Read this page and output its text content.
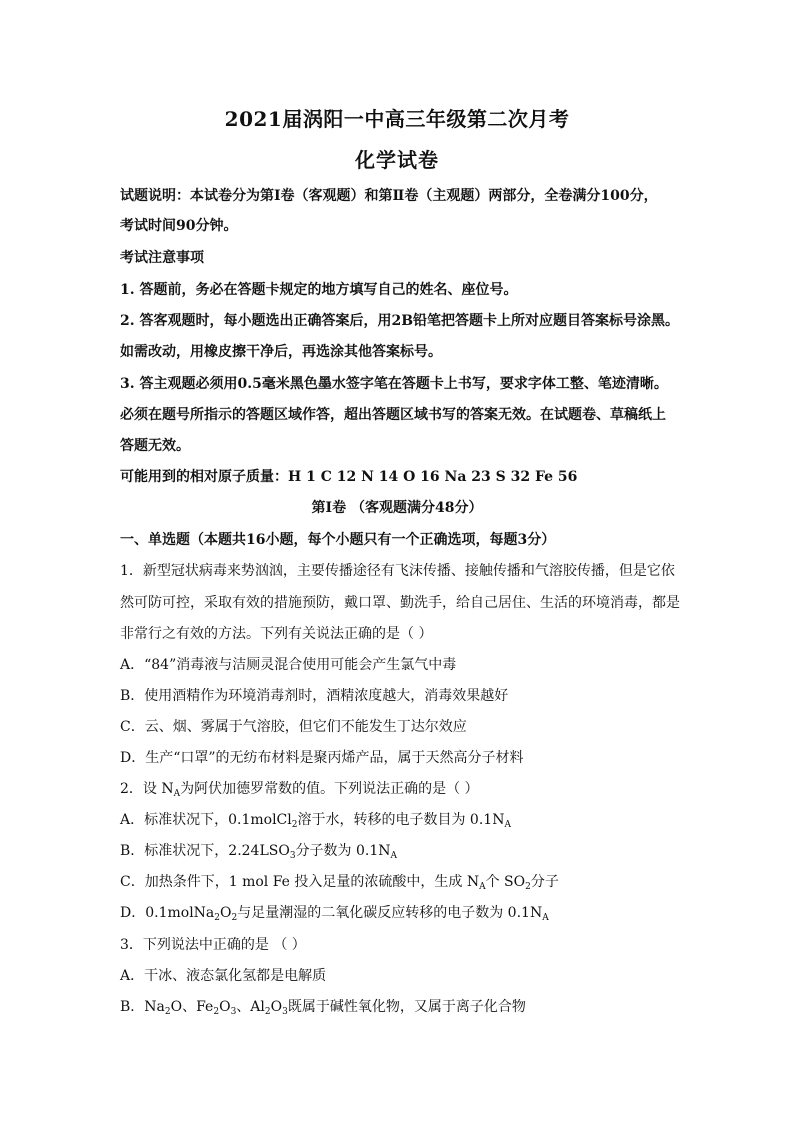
2021届涡阳一中高三年级第二次月考
化学试卷
试题说明：本试卷分为第Ⅰ卷（客观题）和第Ⅱ卷（主观题）两部分，全卷满分100分，
考试时间90分钟。
考试注意事项
1. 答题前，务必在答题卡规定的地方填写自己的姓名、座位号。
2. 答客观题时，每小题选出正确答案后，用2B铅笔把答题卡上所对应题目答案标号涂黑。
如需改动，用橡皮擦干净后，再选涂其他答案标号。
3. 答主观题必须用0.5毫米黑色墨水签字笔在答题卡上书写，要求字体工整、笔迹清晰。
必须在题号所指示的答题区域作答，超出答题区域书写的答案无效。在试题卷、草稿纸上
答题无效。
可能用到的相对原子质量：H 1 C 12 N 14 O 16 Na 23 S 32 Fe 56
第Ⅰ卷 （客观题满分48分）
一、单选题（本题共16小题，每个小题只有一个正确选项，每题3分）
1．新型冠状病毒来势汹汹，主要传播途径有飞沫传播、接触传播和气溶胶传播，但是它依
然可防可控，采取有效的措施预防，戴口罩、勤洗手，给自己居住、生活的环境消毒，都是
非常行之有效的方法。下列有关说法正确的是（ ）
A．“84”消毒液与洁厕灵混合使用可能会产生氯气中毒
B．使用酒精作为环境消毒剂时，酒精浓度越大，消毒效果越好
C．云、烟、雾属于气溶胶，但它们不能发生丁达尔效应
D．生产“口罩”的无纺布材料是聚丙烯产品，属于天然高分子材料
2．设 $N_A$为阿伏加德罗常数的值。下列说法正确的是（ ）
A．标准状况下，0.1molCl$_2$溶于水，转移的电子数目为 $0.1N_A$
B．标准状况下，$2.24LSO_3$分子数为 $0.1N_A$
C．加热条件下，1 mol Fe 投入足量的浓硫酸中，生成 $N_A$个 $SO_2$分子
D．$0.1molNa_2O_2$与足量潮湿的二氧化碳反应转移的电子数为 $0.1N_A$
3．下列说法中正确的是 （ ）
A．干冰、液态氯化氢都是电解质
B．$Na_2O$、$Fe_2O_3$、$Al_2O_3$既属于碱性氧化物，又属于离子化合物
